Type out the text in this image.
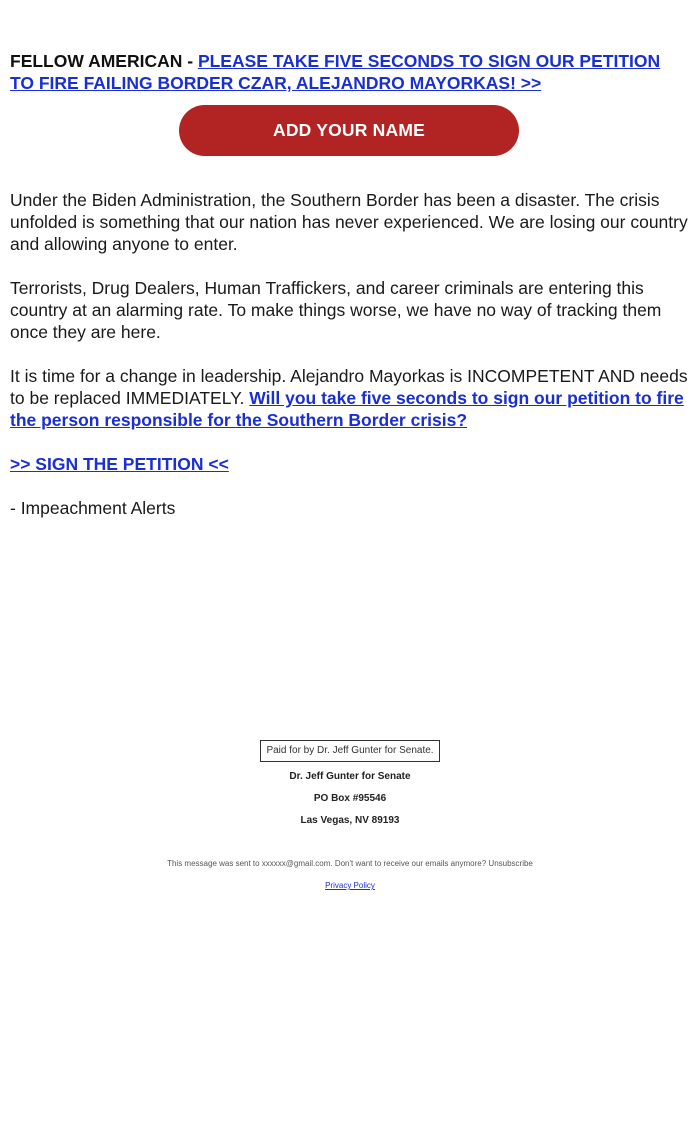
FELLOW AMERICAN - PLEASE TAKE FIVE SECONDS TO SIGN OUR PETITION TO FIRE FAILING BORDER CZAR, ALEJANDRO MAYORKAS! >>

ADD YOUR NAME

Under the Biden Administration, the Southern Border has been a disaster. The crisis unfolded is something that our nation has never experienced. We are losing our country and allowing anyone to enter.

Terrorists, Drug Dealers, Human Traffickers, and career criminals are entering this country at an alarming rate. To make things worse, we have no way of tracking them once they are here.

It is time for a change in leadership. Alejandro Mayorkas is INCOMPETENT AND needs to be replaced IMMEDIATELY. Will you take five seconds to sign our petition to fire the person responsible for the Southern Border crisis?

>> SIGN THE PETITION <<

- Impeachment Alerts

Paid for by Dr. Jeff Gunter for Senate.
Dr. Jeff Gunter for Senate
PO Box #95546
Las Vegas, NV 89193
This message was sent to xxxxxx@gmail.com. Don't want to receive our emails anymore? Unsubscribe
Privacy Policy
